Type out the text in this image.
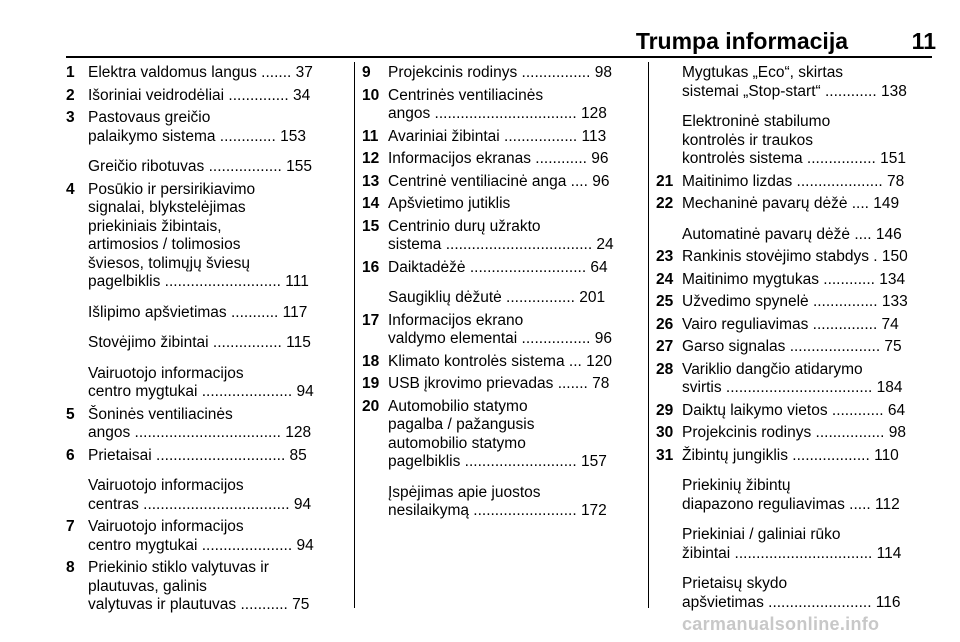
Trumpa informacija	11
1 Elektra valdomus langus ....... 37
2 Išoriniai veidrodėliai .............. 34
3 Pastovaus greičio
palaikymo sistema ............. 153
Greičio ribotuvas ................. 155
4 Posūkio ir persirikiavimo
signalai, blykstelėjimas
priekiniais žibintais,
artimosios / tolimosios
šviesos, tolimųjų šviesų
pagelbiklis ........................... 111
Išlipimo apšvietimas ........... 117
Stovėjimo žibintai ................ 115
Vairuotojo informacijos
centro mygtukai ..................... 94
5 Šoninės ventiliacinės
angos .................................. 128
6 Prietaisai .............................. 85
Vairuotojo informacijos
centras .................................. 94
7 Vairuotojo informacijos
centro mygtukai ..................... 94
8 Priekinio stiklo valytuvas ir
plautuvas, galinis
valytuvas ir plautuvas ........... 75
9	Projekcinis rodinys ................ 98
10 Centrinės ventiliacinės
angos ................................. 128
11 Avariniai žibintai ................. 113
12 Informacijos ekranas ............ 96
13 Centrinė ventiliacinė anga .... 96
14 Apšvietimo jutiklis
15 Centrinio durų užrakto
sistema .................................. 24
16 Daiktadėžė ........................... 64
Saugiklių dėžutė ................ 201
17 Informacijos ekrano
valdymo elementai ................ 96
18 Klimato kontrolės sistema ... 120
19 USB įkrovimo prievadas ....... 78
20 Automobilio statymo
pagalba / pažangusis
automobilio statymo
pagelbiklis .......................... 157
Įspėjimas apie juostos
nesilaikymą ........................ 172
Mygtukas „Eco“, skirtas
sistemai „Stop-start“ ............ 138
Elektroninė stabilumo
kontrolės ir traukos
kontrolės sistema ................ 151
21 Maitinimo lizdas .................... 78
22 Mechaninė pavarų dėžė .... 149
Automatinė pavarų dėžė .... 146
23 Rankinis stovėjimo stabdys . 150
24 Maitinimo mygtukas ............ 134
25 Užvedimo spynelė ............... 133
26 Vairo reguliavimas ............... 74
27 Garso signalas ..................... 75
28 Variklio dangčio atidarymo
svirtis .................................. 184
29 Daiktų laikymo vietos ............ 64
30 Projekcinis rodinys ................ 98
31 Žibintų jungiklis .................. 110
Priekinių žibintų
diapazono reguliavimas ..... 112
Priekiniai / galiniai rūko
žibintai ................................ 114
Prietaisų skydo
apšvietimas ........................ 116
carmanualsonline.info
